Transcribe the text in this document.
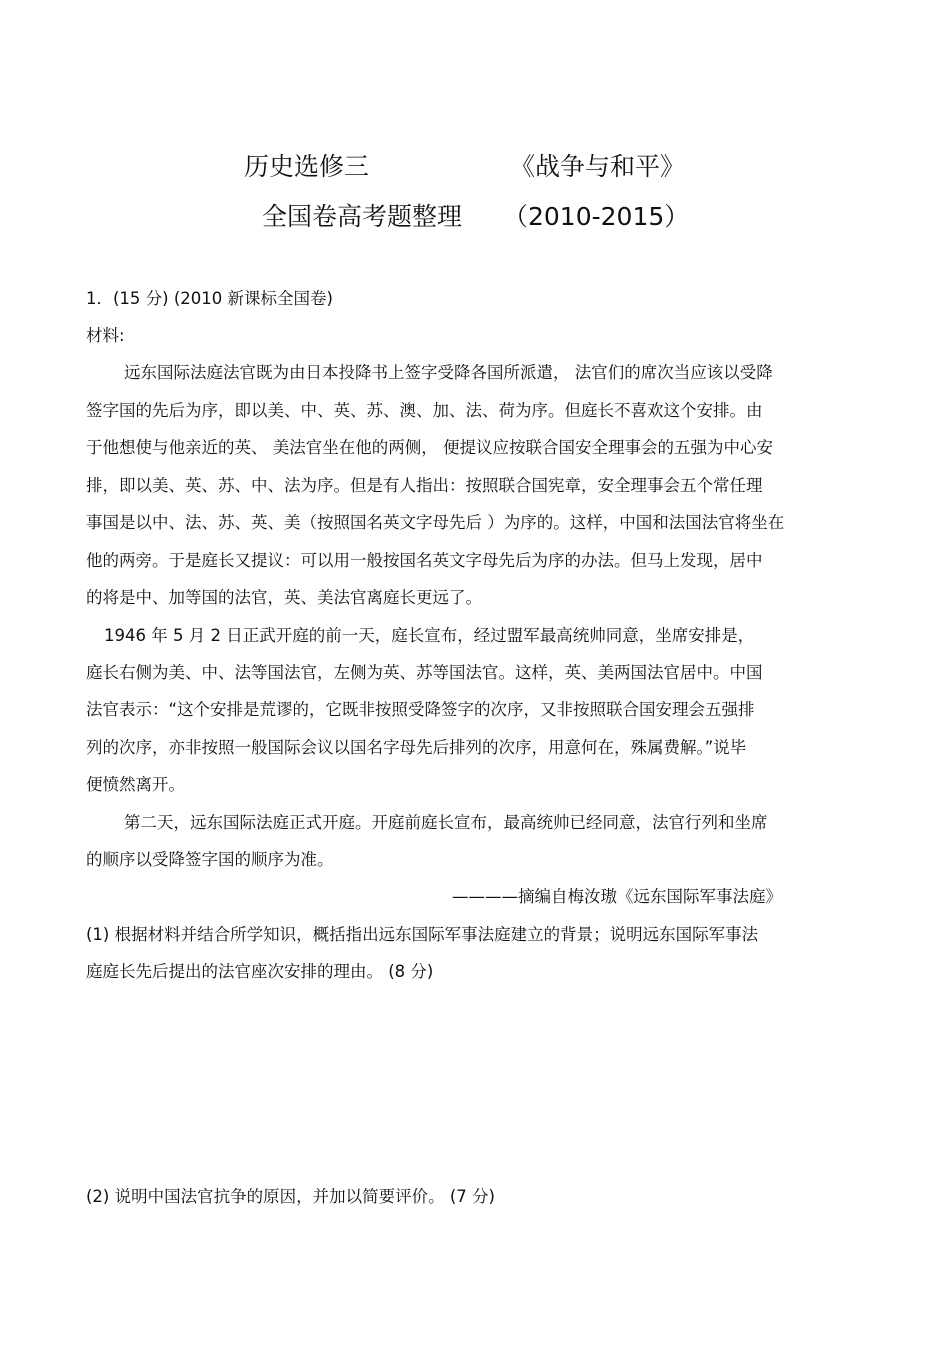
历史选修三	《战争与和平》
全国卷高考题整理 （2010-2015）
1．(15 分) (2010 新课标全国卷)
材料:
远东国际法庭法官既为由日本投降书上签字受降各国所派遣， 法官们的席次当应该以受降
签字国的先后为序，即以美、中、英、苏、澳、加、法、荷为序。但庭长不喜欢这个安排。由
于他想使与他亲近的英、 美法官坐在他的两侧， 便提议应按联合国安全理事会的五强为中心安
排，即以美、英、苏、中、法为序。但是有人指出：按照联合国宪章，安全理事会五个常任理
事国是以中、法、苏、英、美（按照国名英文字母先后 ）为序的。这样，中国和法国法官将坐在
他的两旁。于是庭长又提议：可以用一般按国名英文字母先后为序的办法。但马上发现，居中
的将是中、加等国的法官，英、美法官离庭长更远了。
1946 年 5 月 2 日正武开庭的前一天，庭长宣布，经过盟军最高统帅同意，坐席安排是，
庭长右侧为美、中、法等国法官，左侧为英、苏等国法官。这样，英、美两国法官居中。中国
法官表示：“这个安排是荒谬的，它既非按照受降签字的次序，又非按照联合国安理会五强排
列的次序，亦非按照一般国际会议以国名字母先后排列的次序，用意何在，殊属费解。”说毕
便愤然离开。
第二天，远东国际法庭正式开庭。开庭前庭长宣布，最高统帅已经同意，法官行列和坐席
的顺序以受降签字国的顺序为准。
————摘编自梅汝璈《远东国际军事法庭》
(1) 根据材料并结合所学知识，概括指出远东国际军事法庭建立的背景；说明远东国际军事法
庭庭长先后提出的法官座次安排的理由。 (8 分)
(2) 说明中国法官抗争的原因，并加以简要评价。 (7 分)
